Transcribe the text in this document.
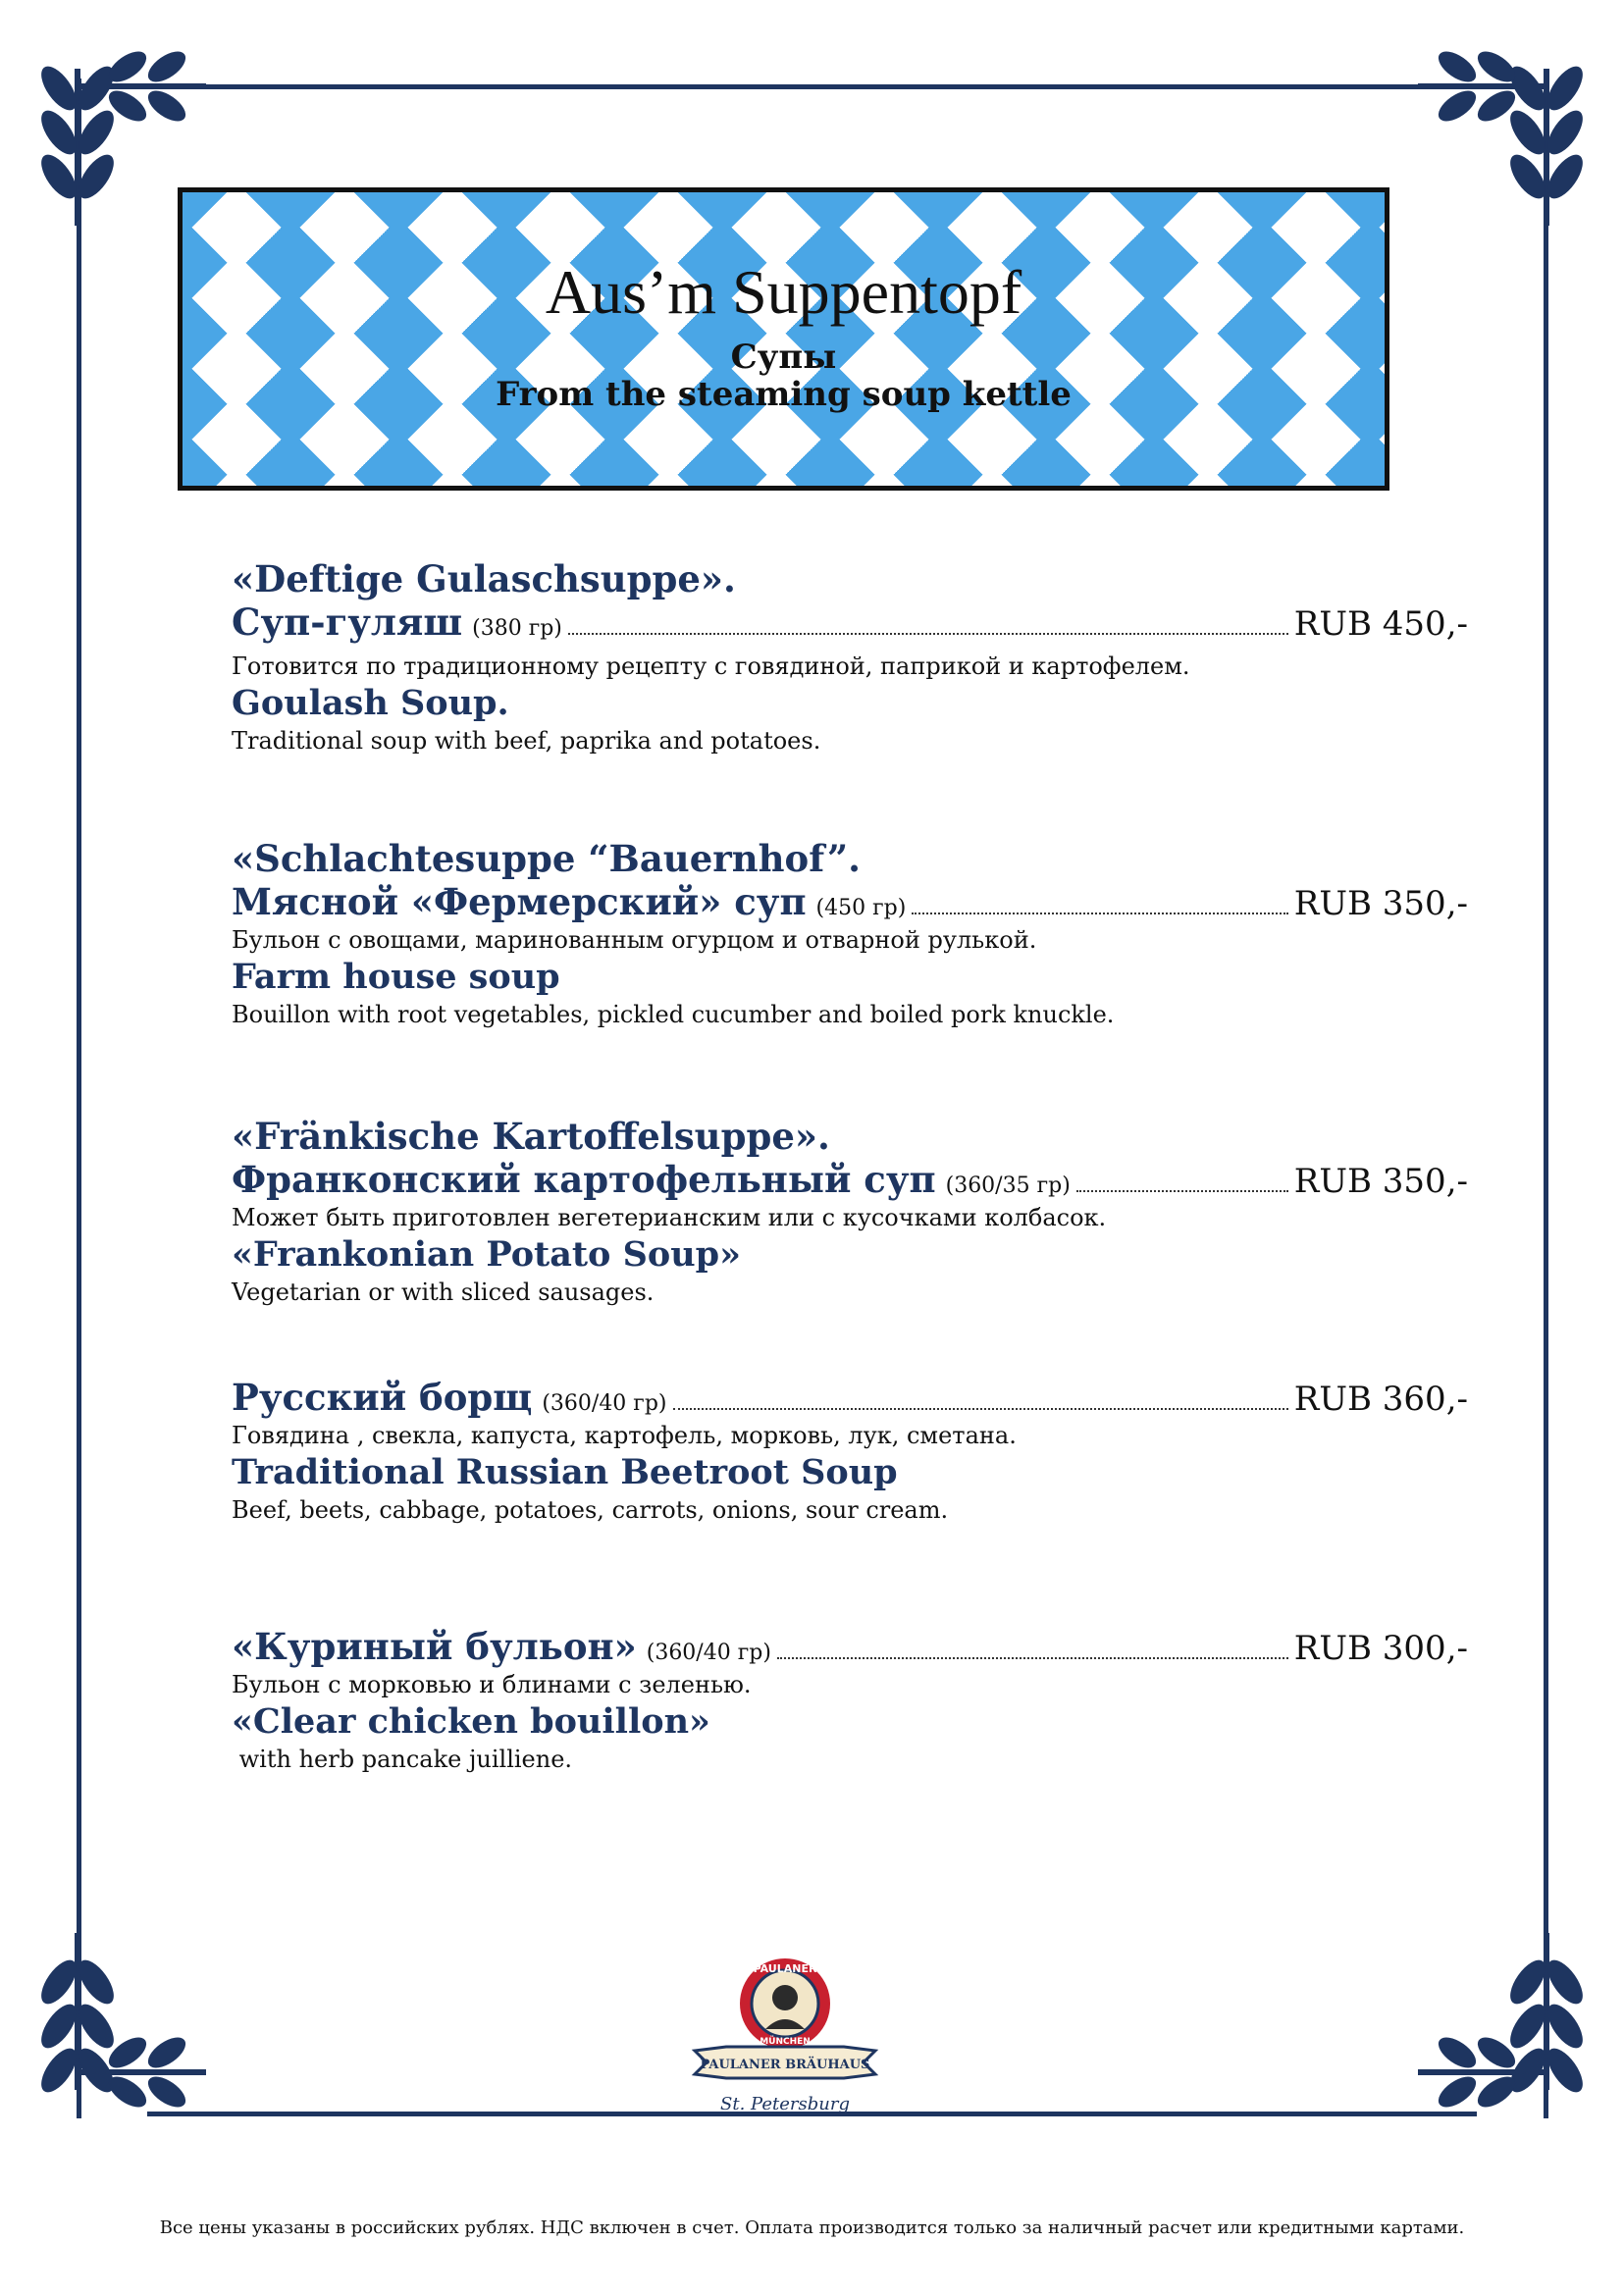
Aus’m Suppentopf
Супы
From the steaming soup kettle
«Deftige Gulaschsuppe».
Суп-гуляш (380 гр)	RUB 450,-
Готовится по традиционному рецепту с говядиной, паприкой и картофелем.
Goulash Soup.
Traditional soup with beef, paprika and potatoes.
«Schlachtesuppe “Bauernhof”.
Мясной «Фермерский» суп (450 гр)	RUB 350,-
Бульон с овощами, маринованным огурцом и отварной рулькой.
Farm house soup
Bouillon with root vegetables, pickled cucumber and boiled pork knuckle.
«Fränkische Kartoffelsuppe».
Франконский картофельный суп (360/35 гр)	RUB 350,-
Может быть приготовлен вегетерианским или с кусочками колбасок.
«Frankonian Potato Soup»
Vegetarian or with sliced sausages.
Русский борщ (360/40 гр)	RUB 360,-
Говядина , свекла, капуста, картофель, морковь, лук, сметана.
Traditional Russian Beetroot Soup
Beef, beets, cabbage, potatoes, carrots, onions, sour cream.
«Куриный бульон» (360/40 гр)	RUB 300,-
Бульон с морковью и блинами с зеленью.
«Clear chicken bouillon»
with herb pancake juilliene.
PAULANER
MÜNCHEN
PAULANER BRÄUHAUS
St. Petersburg
Все цены указаны в российских рублях. НДС включен в счет. Оплата производится только за наличный расчет или кредитными картами.
